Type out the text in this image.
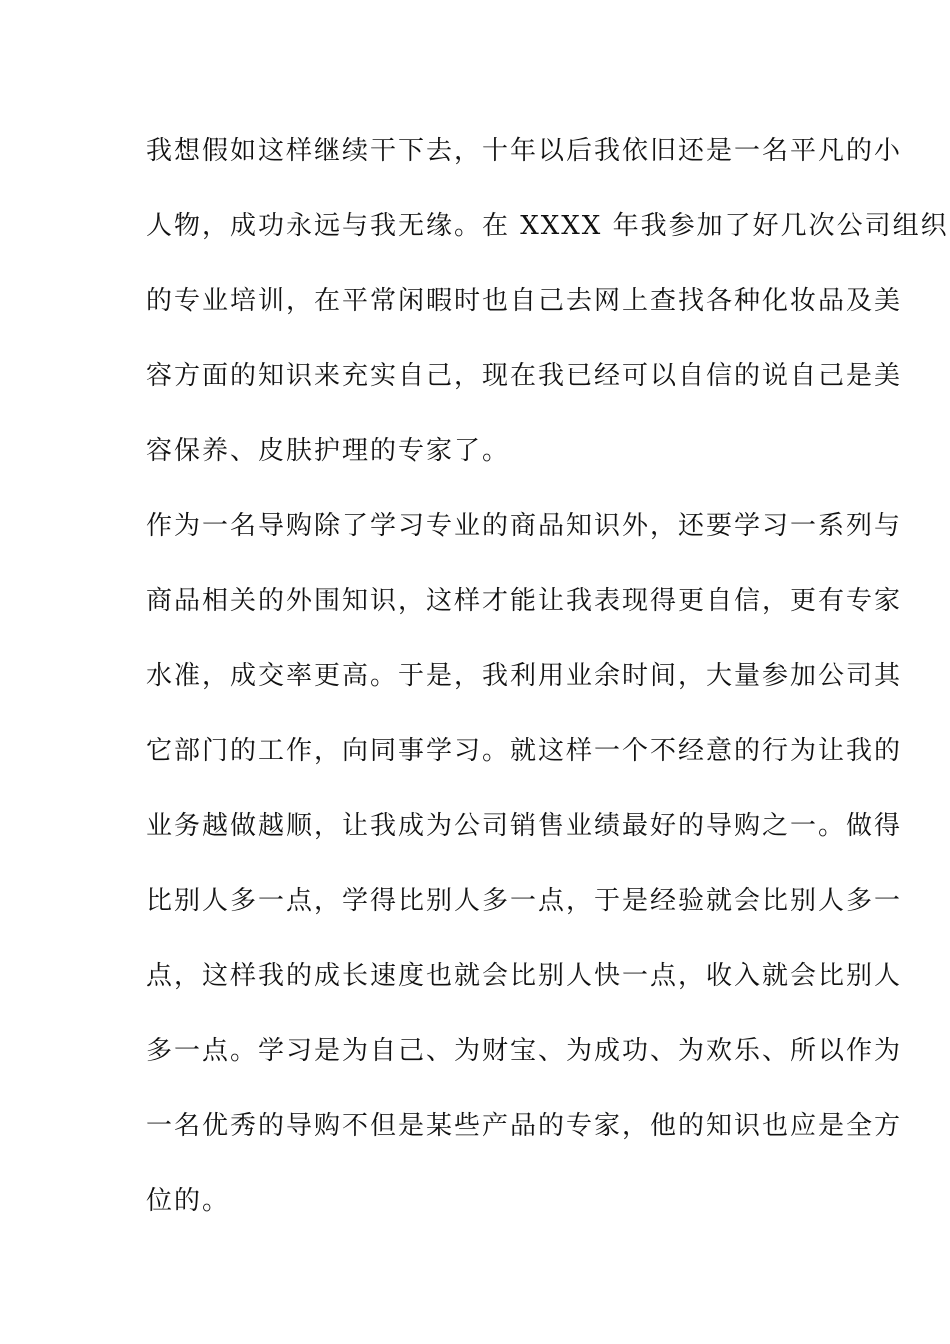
我想假如这样继续干下去，十年以后我依旧还是一名平凡的小
人物，成功永远与我无缘。在 XXXX 年我参加了好几次公司组织
的专业培训，在平常闲暇时也自己去网上查找各种化妆品及美
容方面的知识来充实自己，现在我已经可以自信的说自己是美
容保养、皮肤护理的专家了。
作为一名导购除了学习专业的商品知识外，还要学习一系列与
商品相关的外围知识，这样才能让我表现得更自信，更有专家
水准，成交率更高。于是，我利用业余时间，大量参加公司其
它部门的工作，向同事学习。就这样一个不经意的行为让我的
业务越做越顺，让我成为公司销售业绩最好的导购之一。做得
比别人多一点，学得比别人多一点，于是经验就会比别人多一
点，这样我的成长速度也就会比别人快一点，收入就会比别人
多一点。学习是为自己、为财宝、为成功、为欢乐、所以作为
一名优秀的导购不但是某些产品的专家，他的知识也应是全方
位的。
